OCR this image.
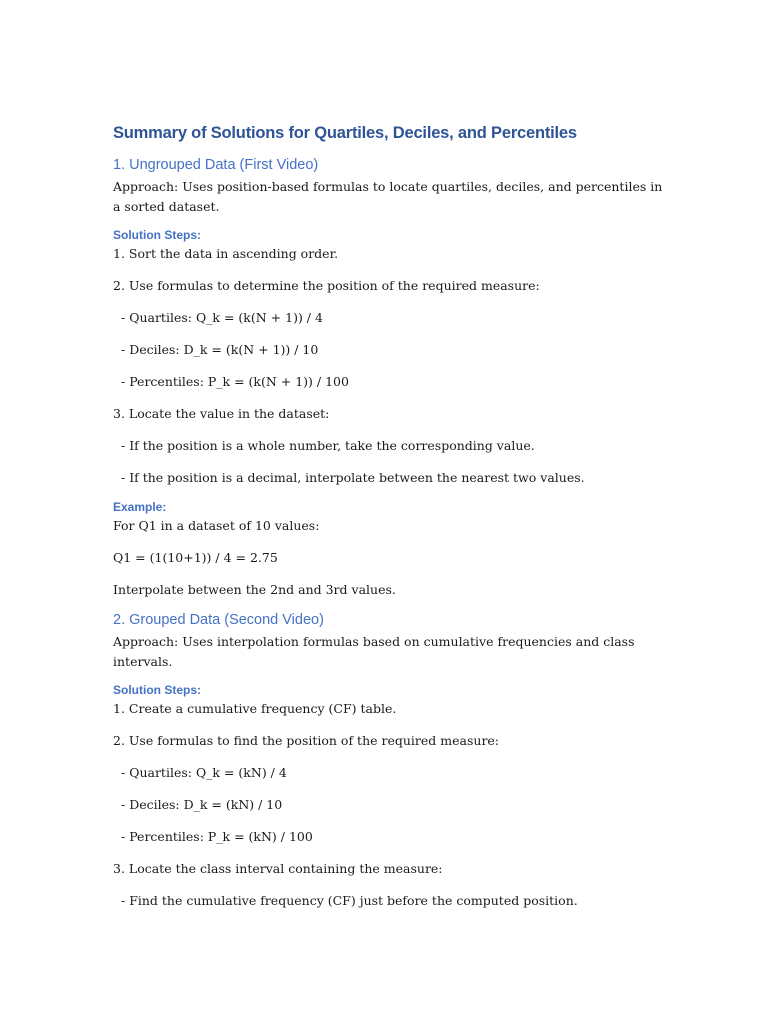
Summary of Solutions for Quartiles, Deciles, and Percentiles
1. Ungrouped Data (First Video)
Approach: Uses position-based formulas to locate quartiles, deciles, and percentiles in a sorted dataset.
Solution Steps:
1. Sort the data in ascending order.
2. Use formulas to determine the position of the required measure:
- Quartiles: Q_k = (k(N + 1)) / 4
- Deciles: D_k = (k(N + 1)) / 10
- Percentiles: P_k = (k(N + 1)) / 100
3. Locate the value in the dataset:
- If the position is a whole number, take the corresponding value.
- If the position is a decimal, interpolate between the nearest two values.
Example:
For Q1 in a dataset of 10 values:
Q1 = (1(10+1)) / 4 = 2.75
Interpolate between the 2nd and 3rd values.
2. Grouped Data (Second Video)
Approach: Uses interpolation formulas based on cumulative frequencies and class intervals.
Solution Steps:
1. Create a cumulative frequency (CF) table.
2. Use formulas to find the position of the required measure:
- Quartiles: Q_k = (kN) / 4
- Deciles: D_k = (kN) / 10
- Percentiles: P_k = (kN) / 100
3. Locate the class interval containing the measure:
- Find the cumulative frequency (CF) just before the computed position.
